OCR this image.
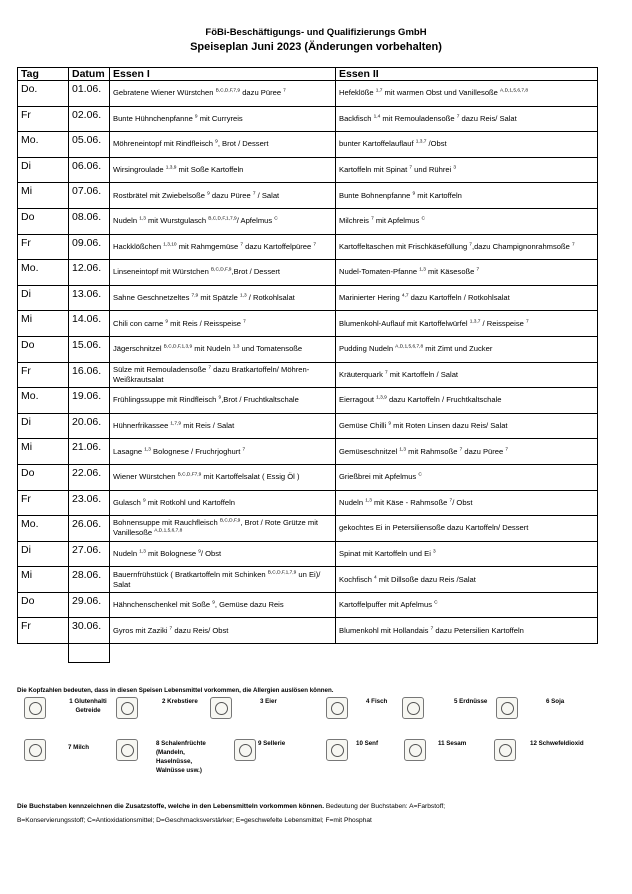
FöBi-Beschäftigungs- und Qualifizierungs GmbH
Speiseplan Juni 2023 (Änderungen vorbehalten)
Tag	Datum	Essen I	Essen II
Do.	01.06.	Gebratene Wiener Würstchen $^{B,C,D,F,7,9}$ dazu Püree $^7$	Hefeklöße $^{1,7}$ mit warmen Obst und Vanillesoße $^{A,D,1,5,6,7,8}$
Fr	02.06.	Bunte Hühnchenpfanne $^9$ mit Curryreis	Backfisch $^{1,4}$ mit Remouladensoße $^7$ dazu Reis/ Salat
Mo.	05.06.	Möhreneintopf mit Rindfleisch $^9$, Brot / Dessert	bunter Kartoffelauflauf $^{1,3,7}$ /Obst
Di	06.06.	Wirsingroulade $^{1,3,9}$ mit Soße Kartoffeln	Kartoffeln mit Spinat $^7$ und Rührei $^3$
Mi	07.06.	Rostbrätel mit Zwiebelsoße $^9$ dazu Püree $^7$ / Salat	Bunte Bohnenpfanne $^9$ mit Kartoffeln
Do	08.06.	Nudeln $^{1,3}$ mit Wurstgulasch $^{B,C,D,F,1,7,9}$/ Apfelmus $^C$	Milchreis $^7$ mit Apfelmus $^C$
Fr	09.06.	Hackklößchen $^{1,3,10}$ mit Rahmgemüse $^7$ dazu Kartoffelpüree $^7$	Kartoffeltaschen mit Frischkäsefüllung $^7$,dazu Champignonrahmsoße $^7$
Mo.	12.06.	Linseneintopf mit Würstchen $^{B,C,D,F,9}$,Brot / Dessert	Nudel-Tomaten-Pfanne $^{1,3}$ mit Käsesoße $^7$
Di	13.06.	Sahne Geschnetzeltes $^{7,9}$ mit Spätzle $^{1,3}$ / Rotkohlsalat	Marinierter Hering $^{4,7}$ dazu Kartoffeln / Rotkohlsalat
Mi	14.06.	Chili con carne $^9$ mit Reis / Reisspeise $^7$	Blumenkohl-Auflauf mit Kartoffelwürfel $^{1,3,7}$ / Reisspeise $^7$
Do	15.06.	Jägerschnitzel $^{B,C,D,F,1,3,9}$ mit Nudeln $^{1,3}$ und Tomatensoße	Pudding Nudeln $^{A,D,1,5,6,7,8}$ mit Zimt und Zucker
Fr	16.06.	Sülze mit Remouladensoße $^7$ dazu Bratkartoffeln/ Möhren-Weißkrautsalat	Kräuterquark $^7$ mit Kartoffeln / Salat
Mo.	19.06.	Frühlingssuppe mit Rindfleisch $^9$,Brot / Fruchtkaltschale	Eierragout $^{1,3,9}$ dazu Kartoffeln / Fruchtkaltschale
Di	20.06.	Hühnerfrikassee $^{1,7,9}$ mit Reis / Salat	Gemüse Chilli $^9$ mit Roten Linsen dazu Reis/ Salat
Mi	21.06.	Lasagne $^{1,3}$ Bolognese / Fruchrjoghurt $^7$	Gemüseschnitzel $^{1,3}$ mit Rahmsoße $^7$ dazu Püree $^7$
Do	22.06.	Wiener Würstchen $^{B,C,D,F7,9}$ mit Kartoffelsalat ( Essig Öl )	Grießbrei mit Apfelmus $^C$
Fr	23.06.	Gulasch $^9$ mit Rotkohl und Kartoffeln	Nudeln $^{1,3}$ mit Käse - Rahmsoße $^7$/ Obst
Mo.	26.06.	Bohnensuppe mit Rauchfleisch $^{B,C,D,F,9}$, Brot / Rote Grütze mit Vanillesoße $^{A,D,1,5,6,7,8}$	gekochtes Ei in Petersiliensoße dazu Kartoffeln/ Dessert
Di	27.06.	Nudeln $^{1,3}$ mit Bolognese $^9$/ Obst	Spinat mit Kartoffeln und Ei $^3$
Mi	28.06.	Bauernfrühstück ( Bratkartoffeln mit Schinken $^{B,C,D,F,1,7,9}$ un Ei)/ Salat	Kochfisch $^4$ mit Dillsoße dazu Reis /Salat
Do	29.06.	Hähnchenschenkel mit Soße $^9$, Gemüse dazu Reis	Kartoffelpuffer mit Apfelmus $^C$
Fr	30.06.	Gyros mit Zaziki $^7$ dazu Reis/ Obst	Blumenkohl mit Hollandais $^7$ dazu Petersilien Kartoffeln

Die Kopfzahlen bedeuten, dass in diesen Speisen Lebensmittel vorkommen, die Allergien auslösen können.
1 Glutenhalti Getreide
2 Krebstiere	3 Eier	4 Fisch	5 Erdnüsse	6 Soja
7 Milch
8 Schalenfrüchte (Mandeln, Haselnüsse, Walnüsse usw.)
9 Sellerie	10 Senf	11 Sesam	12 Schwefeldioxid
Die Buchstaben kennzeichnen die Zusatzstoffe, welche in den Lebensmitteln vorkommen können. Bedeutung der Buchstaben: A=Farbstoff;
B=Konservierungsstoff; C=Antioxidationsmittel; D=Geschmacksverstärker; E=geschwefelte Lebensmittel; F=mit Phosphat
